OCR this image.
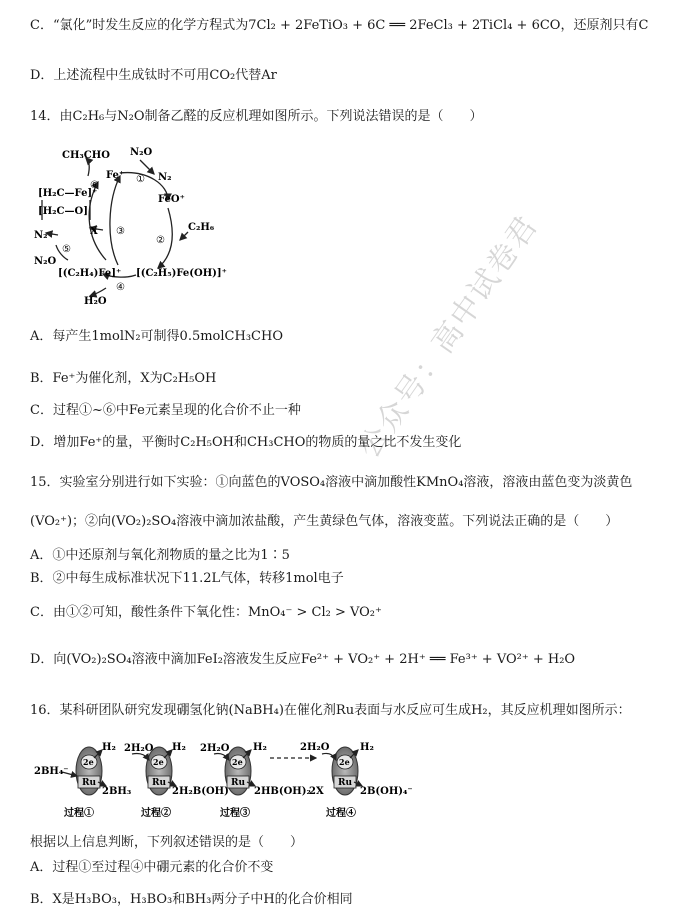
公众号：高中试卷君
C．“氯化”时发生反应的化学方程式为7Cl₂ + 2FeTiO₃ + 6C ══ 2FeCl₃ + 2TiCl₄ + 6CO，还原剂只有C
D．上述流程中生成钛时不可用CO₂代替Ar
14．由C₂H₆与N₂O制备乙醛的反应机理如图所示。下列说法错误的是（　　）
CH₃CHO
Fe⁺
N₂O
N₂
FeO⁺
C₂H₆
X
N₂
N₂O
[(C₂H₄)Fe]⁺ [(C₂H₅)Fe(OH)]⁺
H₂O
[H₂C—Fe]⁺
[H₂C—O]
①
②
③
④
⑤
⑥
A．每产生1molN₂可制得0.5molCH₃CHO
B．Fe⁺为催化剂，X为C₂H₅OH
C．过程①~⑥中Fe元素呈现的化合价不止一种
D．增加Fe⁺的量，平衡时C₂H₅OH和CH₃CHO的物质的量之比不发生变化
15．实验室分别进行如下实验：①向蓝色的VOSO₄溶液中滴加酸性KMnO₄溶液，溶液由蓝色变为淡黄色
(VO₂⁺)；②向(VO₂)₂SO₄溶液中滴加浓盐酸，产生黄绿色气体，溶液变蓝。下列说法正确的是（　　）
A．①中还原剂与氧化剂物质的量之比为1∶5
B．②中每生成标准状况下11.2L气体，转移1mol电子
C．由①②可知，酸性条件下氧化性：MnO₄⁻ > Cl₂ > VO₂⁺
D．向(VO₂)₂SO₄溶液中滴加FeI₂溶液发生反应Fe²⁺ + VO₂⁺ + 2H⁺ ══ Fe³⁺ + VO²⁺ + H₂O
16．某科研团队研究发现硼氢化钠(NaBH₄)在催化剂Ru表面与水反应可生成H₂，其反应机理如图所示：
2e
Ru
2e
Ru
2e
Ru
2e
Ru
2BH₄⁻
H₂
2BH₃
2H₂O H₂
2H₂B(OH)
2H₂O H₂
2HB(OH)₂
2X
2H₂O	H₂
2B(OH)₄⁻
过程①	过程②	过程③	过程④
根据以上信息判断，下列叙述错误的是（　　）
A．过程①至过程④中硼元素的化合价不变
B．X是H₃BO₃，H₃BO₃和BH₃两分子中H的化合价相同
